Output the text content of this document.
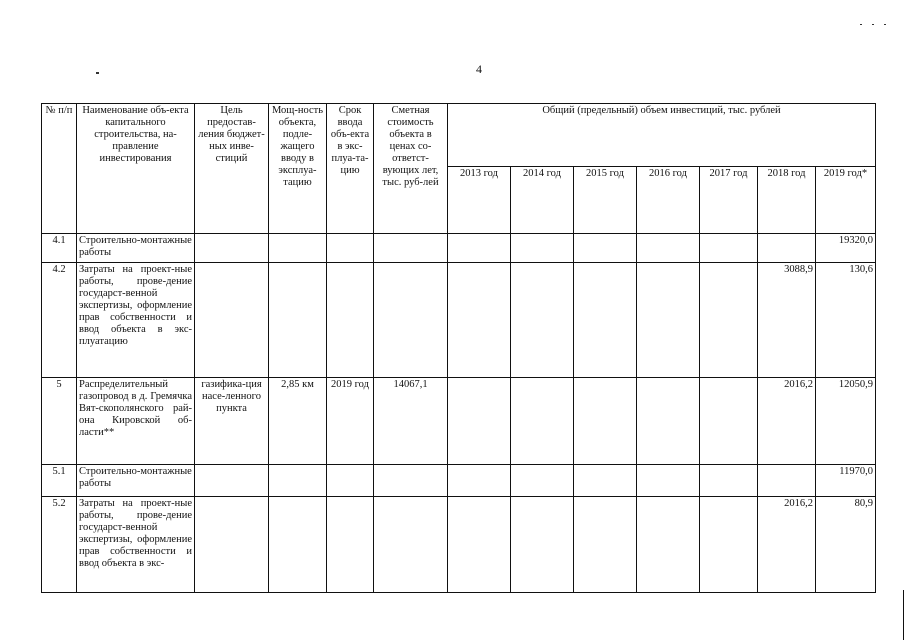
4
№ п/п	Наименование объ-екта капитального строительства, на-правление инвестирования	Цель предостав-ления бюджет-ных инве-стиций	Мощ-ность объекта, подле-жащего вводу в эксплуа-тацию	Срок ввода объ-екта в экс-плуа-та-цию	Сметная стоимость объекта в ценах со-ответст-вующих лет, тыс. руб-лей	Общий (предельный) объем инвестиций, тыс. рублей						
						2013 год	2014 год	2015 год	2016 год	2017 год	2018 год	2019 год*
4.1	Строительно-монтажные работы											19320,0
4.2	Затраты на проект-ные работы, прове-дение государст-венной экспертизы, оформление прав собственности и ввод объекта в экс-плуатацию										3088,9	130,6
5	Распределительный газопровод в д. Гремячка Вят-скополянского рай-она Кировской об-ласти**	газифика-ция насе-ленного пункта	2,85 км	2019 год	14067,1						2016,2	12050,9
5.1	Строительно-монтажные работы											11970,0
5.2	Затраты на проект-ные работы, прове-дение государст-венной экспертизы, оформление прав собственности и ввод объекта в экс-										2016,2	80,9
